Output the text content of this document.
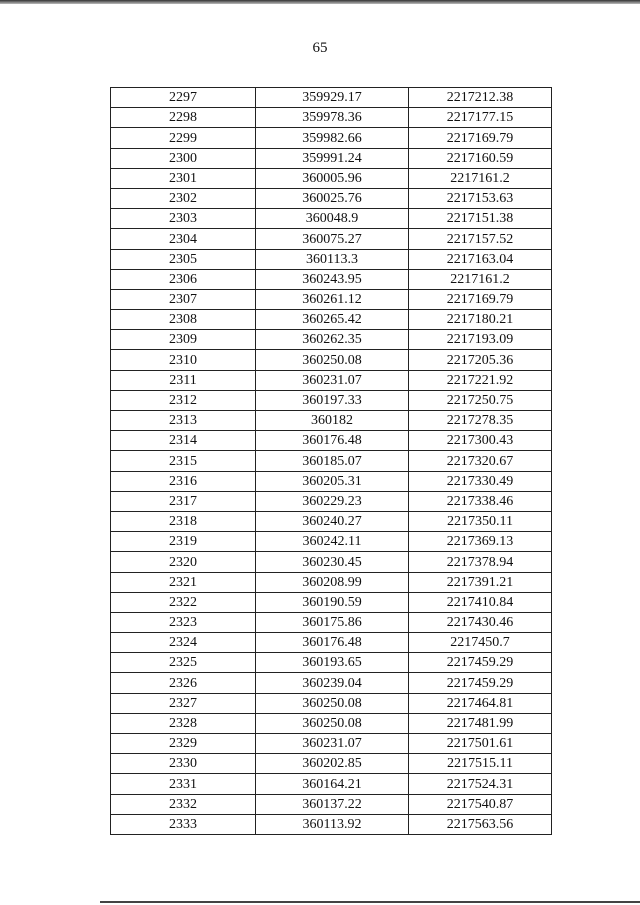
65
2297	359929.17	2217212.38
2298	359978.36	2217177.15
2299	359982.66	2217169.79
2300	359991.24	2217160.59
2301	360005.96	2217161.2
2302	360025.76	2217153.63
2303	360048.9	2217151.38
2304	360075.27	2217157.52
2305	360113.3	2217163.04
2306	360243.95	2217161.2
2307	360261.12	2217169.79
2308	360265.42	2217180.21
2309	360262.35	2217193.09
2310	360250.08	2217205.36
2311	360231.07	2217221.92
2312	360197.33	2217250.75
2313	360182	2217278.35
2314	360176.48	2217300.43
2315	360185.07	2217320.67
2316	360205.31	2217330.49
2317	360229.23	2217338.46
2318	360240.27	2217350.11
2319	360242.11	2217369.13
2320	360230.45	2217378.94
2321	360208.99	2217391.21
2322	360190.59	2217410.84
2323	360175.86	2217430.46
2324	360176.48	2217450.7
2325	360193.65	2217459.29
2326	360239.04	2217459.29
2327	360250.08	2217464.81
2328	360250.08	2217481.99
2329	360231.07	2217501.61
2330	360202.85	2217515.11
2331	360164.21	2217524.31
2332	360137.22	2217540.87
2333	360113.92	2217563.56
